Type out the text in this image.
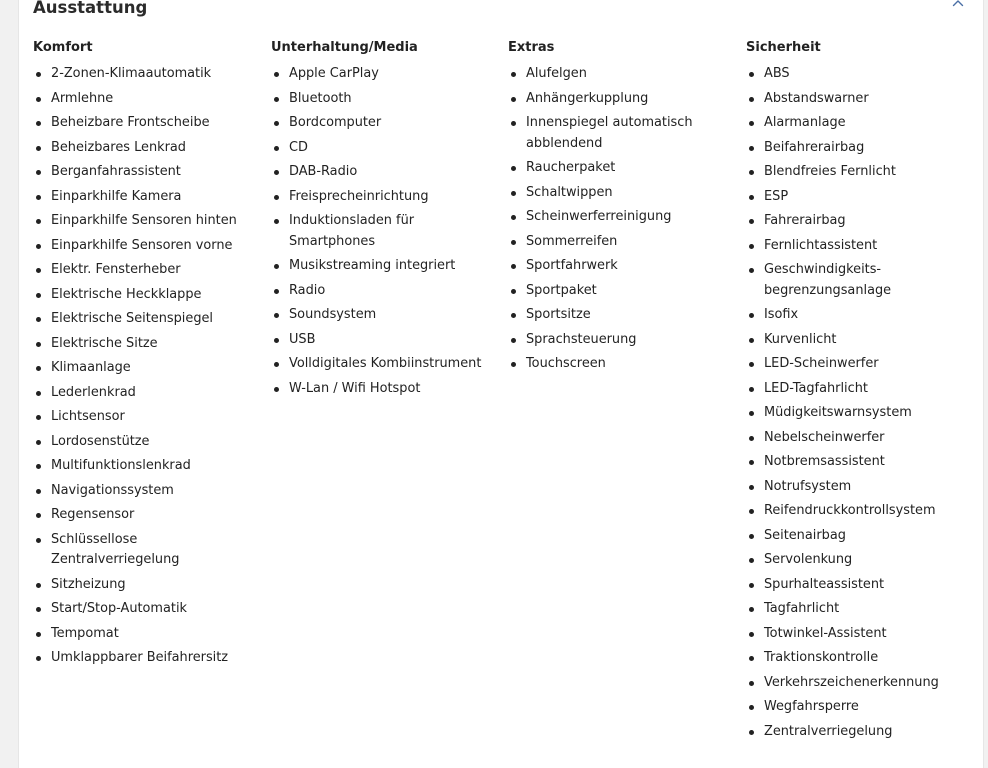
Ausstattung
Komfort
2-Zonen-Klimaautomatik
Armlehne
Beheizbare Frontscheibe
Beheizbares Lenkrad
Berganfahrassistent
Einparkhilfe Kamera
Einparkhilfe Sensoren hinten
Einparkhilfe Sensoren vorne
Elektr. Fensterheber
Elektrische Heckklappe
Elektrische Seitenspiegel
Elektrische Sitze
Klimaanlage
Lederlenkrad
Lichtsensor
Lordosenstütze
Multifunktionslenkrad
Navigationssystem
Regensensor
Schlüssellose Zentralverriegelung
Sitzheizung
Start/Stop-Automatik
Tempomat
Umklappbarer Beifahrersitz
Unterhaltung/Media
Apple CarPlay
Bluetooth
Bordcomputer
CD
DAB-Radio
Freisprecheinrichtung
Induktionsladen für Smartphones
Musikstreaming integriert
Radio
Soundsystem
USB
Volldigitales Kombiinstrument
W-Lan / Wifi Hotspot
Extras
Alufelgen
Anhängerkupplung
Innenspiegel automatisch abblendend
Raucherpaket
Schaltwippen
Scheinwerferreinigung
Sommerreifen
Sportfahrwerk
Sportpaket
Sportsitze
Sprachsteuerung
Touchscreen
Sicherheit
ABS
Abstandswarner
Alarmanlage
Beifahrerairbag
Blendfreies Fernlicht
ESP
Fahrerairbag
Fernlichtassistent
Geschwindigkeits-begrenzungsanlage
Isofix
Kurvenlicht
LED-Scheinwerfer
LED-Tagfahrlicht
Müdigkeitswarnsystem
Nebelscheinwerfer
Notbremsassistent
Notrufsystem
Reifendruckkontrollsystem
Seitenairbag
Servolenkung
Spurhalteassistent
Tagfahrlicht
Totwinkel-Assistent
Traktionskontrolle
Verkehrszeichenerkennung
Wegfahrsperre
Zentralverriegelung
